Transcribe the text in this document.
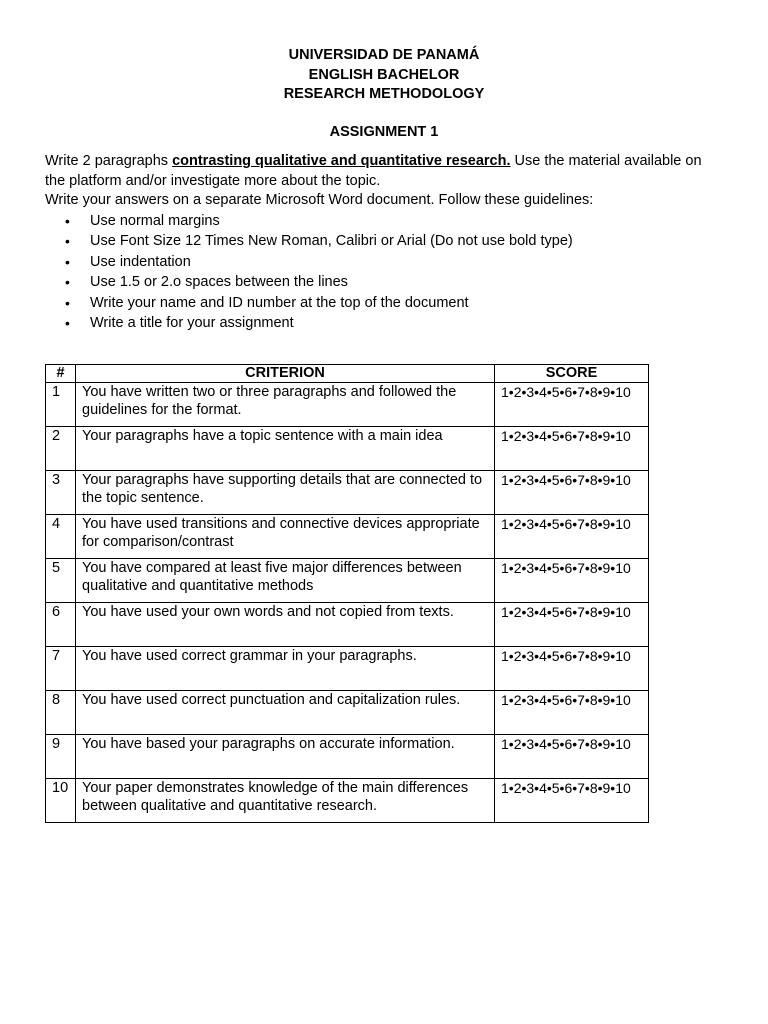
UNIVERSIDAD DE PANAMÁ
ENGLISH BACHELOR
RESEARCH METHODOLOGY
ASSIGNMENT 1

Write 2 paragraphs contrasting qualitative and quantitative research. Use the material available on the platform and/or investigate more about the topic.

Write your answers on a separate Microsoft Word document. Follow these guidelines:

• Use normal margins
• Use Font Size 12 Times New Roman, Calibri or Arial (Do not use bold type)
• Use indentation
• Use 1.5 or 2.o spaces between the lines
• Write your name and ID number at the top of the document
• Write a title for your assignment
#	CRITERION	SCORE
1	You have written two or three paragraphs and followed the guidelines for the format.	1•2•3•4•5•6•7•8•9•10
2	Your paragraphs have a topic sentence with a main idea	1•2•3•4•5•6•7•8•9•10
3	Your paragraphs have supporting details that are connected to the topic sentence.	1•2•3•4•5•6•7•8•9•10
4	You have used transitions and connective devices appropriate for comparison/contrast	1•2•3•4•5•6•7•8•9•10
5	You have compared at least five major differences between qualitative and quantitative methods	1•2•3•4•5•6•7•8•9•10
6	You have used your own words and not copied from texts.	1•2•3•4•5•6•7•8•9•10
7	You have used correct grammar in your paragraphs.	1•2•3•4•5•6•7•8•9•10
8	You have used correct punctuation and capitalization rules.	1•2•3•4•5•6•7•8•9•10
9	You have based your paragraphs on accurate information.	1•2•3•4•5•6•7•8•9•10
10	Your paper demonstrates knowledge of the main differences between qualitative and quantitative research.	1•2•3•4•5•6•7•8•9•10
